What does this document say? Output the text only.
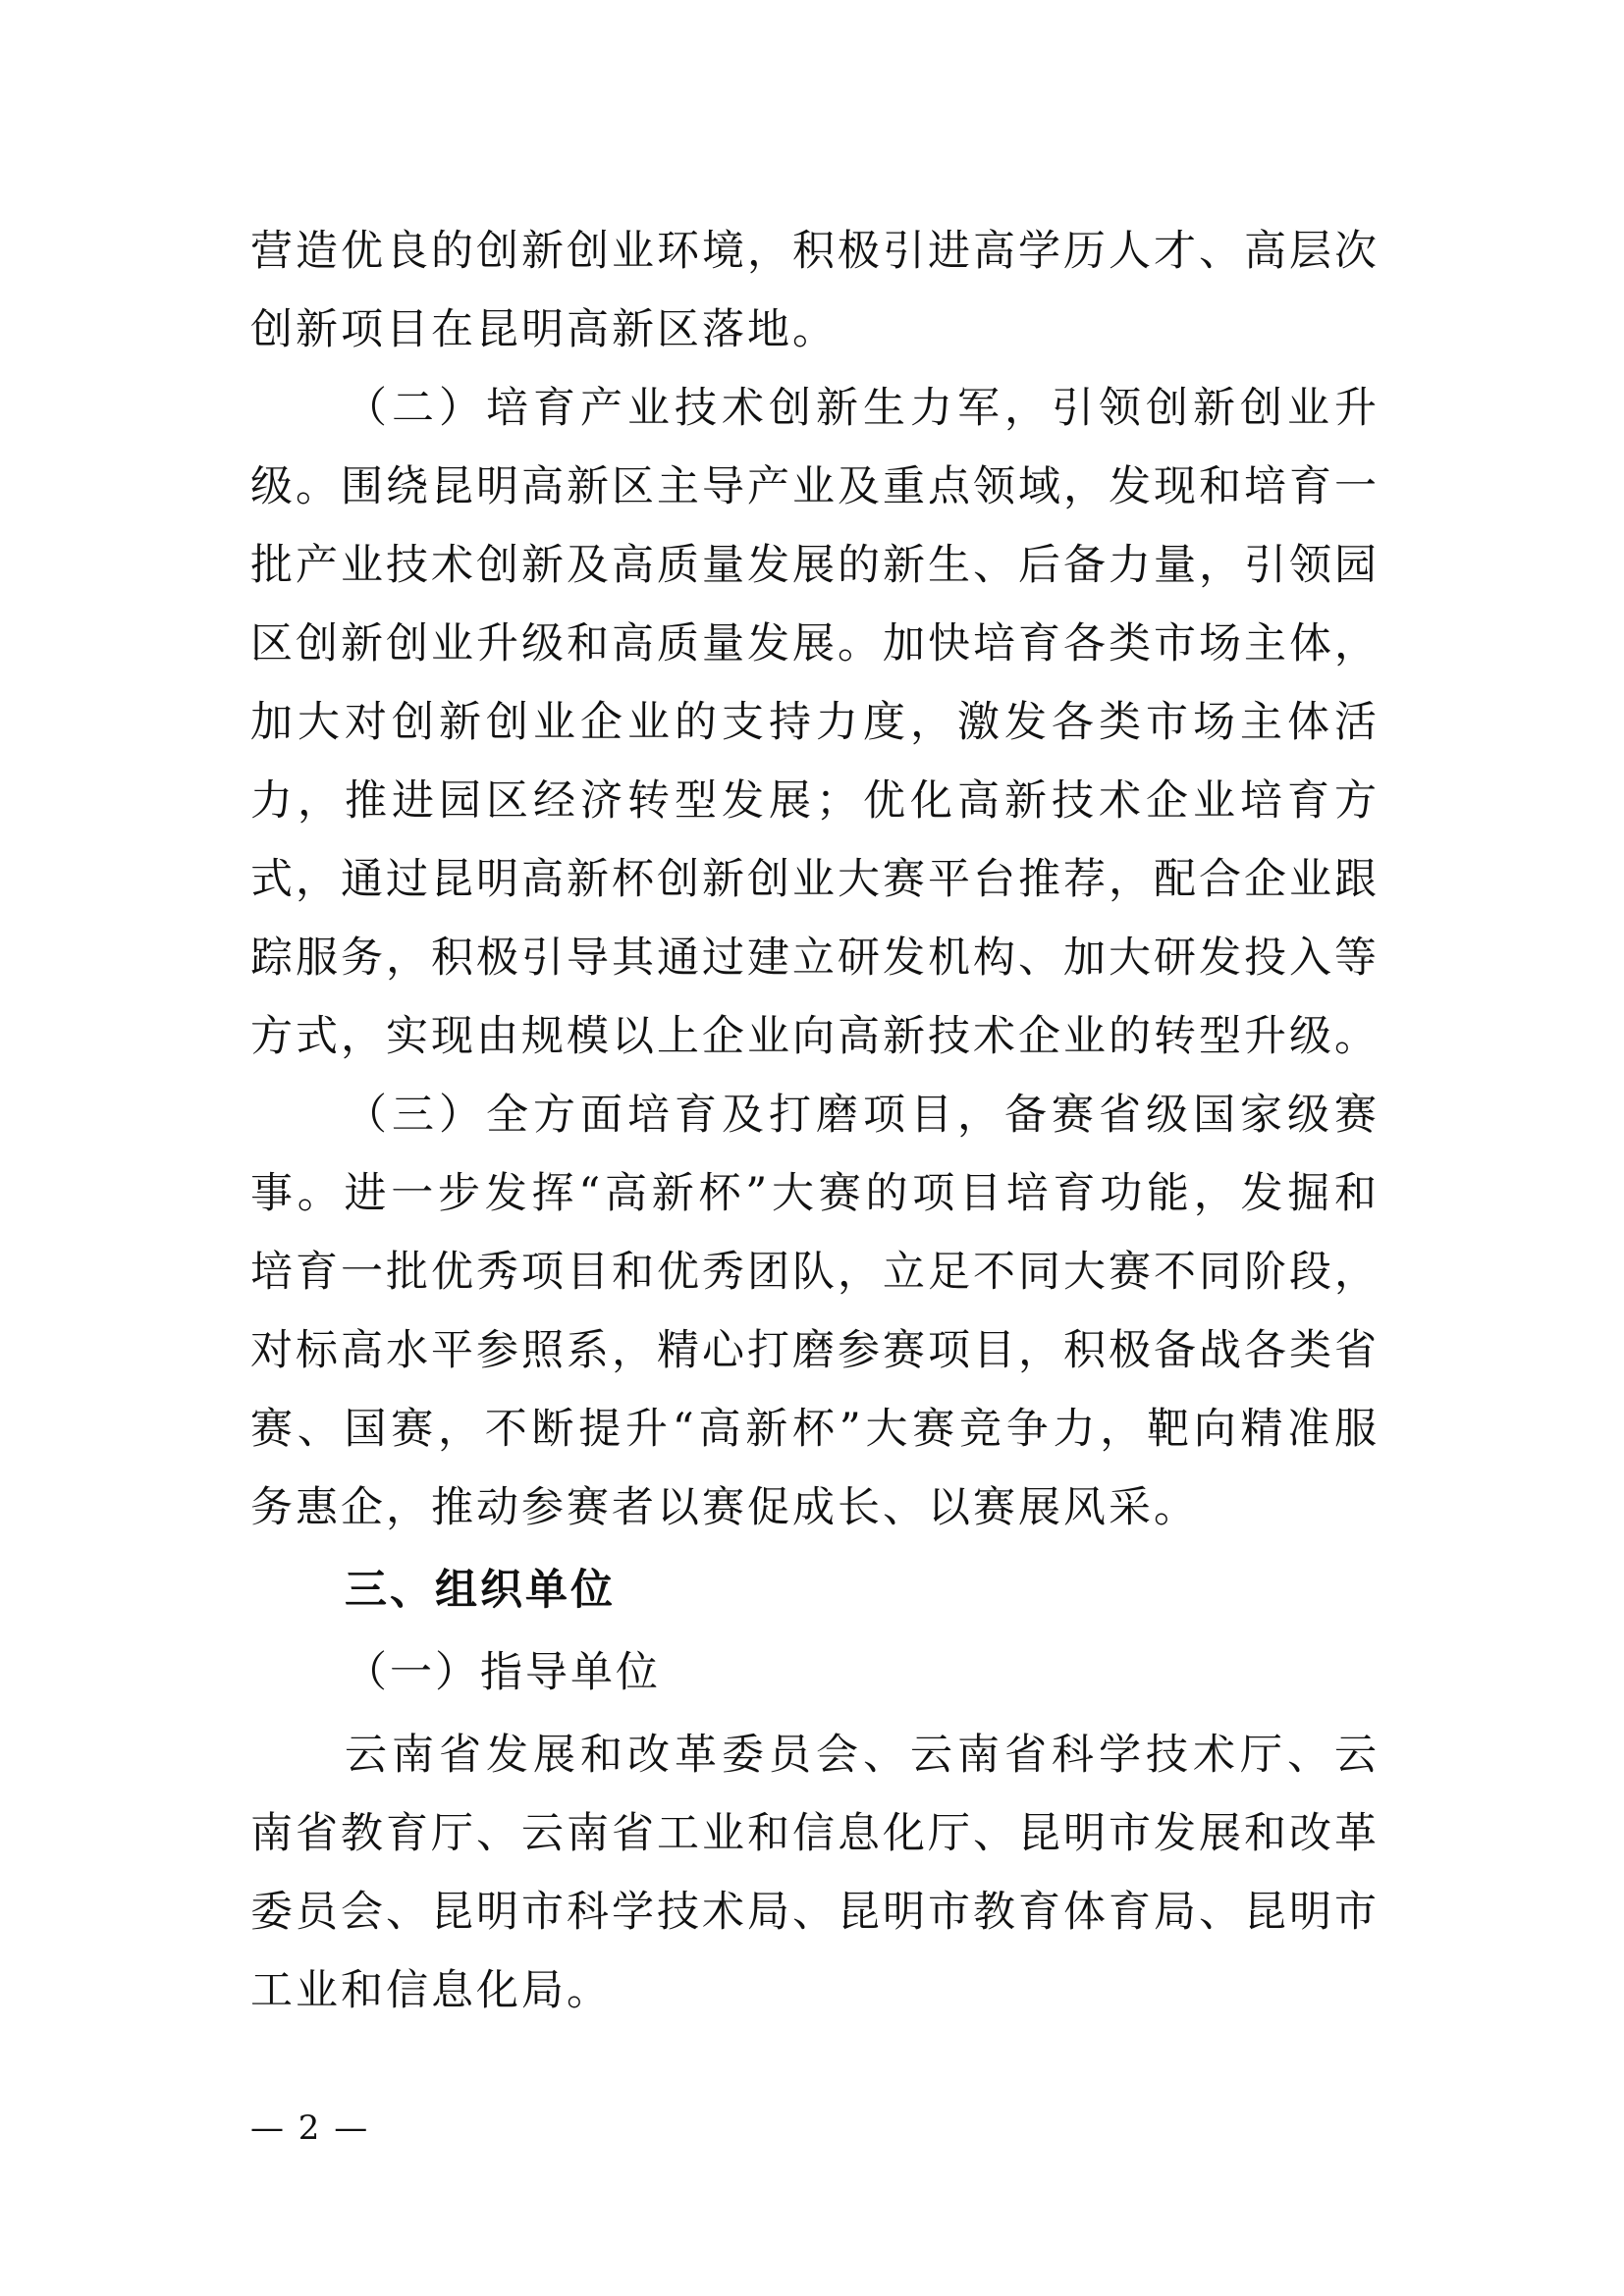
营造优良的创新创业环境，积极引进高学历人才、高层次创新项目在昆明高新区落地。

（二）培育产业技术创新生力军，引领创新创业升级。围绕昆明高新区主导产业及重点领域，发现和培育一批产业技术创新及高质量发展的新生、后备力量，引领园区创新创业升级和高质量发展。加快培育各类市场主体，加大对创新创业企业的支持力度，激发各类市场主体活力，推进园区经济转型发展；优化高新技术企业培育方式，通过昆明高新杯创新创业大赛平台推荐，配合企业跟踪服务，积极引导其通过建立研发机构、加大研发投入等方式，实现由规模以上企业向高新技术企业的转型升级。

（三）全方面培育及打磨项目，备赛省级国家级赛事。进一步发挥“高新杯”大赛的项目培育功能，发掘和培育一批优秀项目和优秀团队，立足不同大赛不同阶段，对标高水平参照系，精心打磨参赛项目，积极备战各类省赛、国赛，不断提升“高新杯”大赛竞争力，靶向精准服务惠企，推动参赛者以赛促成长、以赛展风采。

三、组织单位

（一）指导单位

云南省发展和改革委员会、云南省科学技术厅、云南省教育厅、云南省工业和信息化厅、昆明市发展和改革委员会、昆明市科学技术局、昆明市教育体育局、昆明市工业和信息化局。

— 2 —
